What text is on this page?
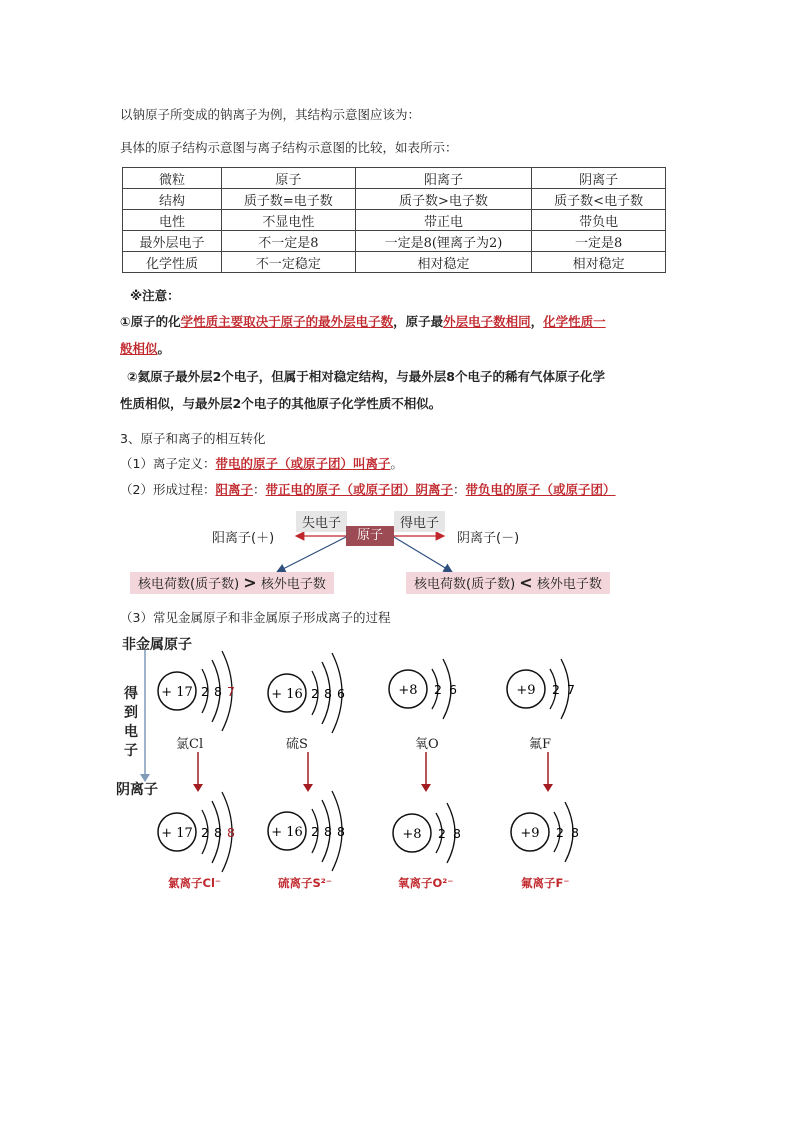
以钠原子所变成的钠离子为例，其结构示意图应该为：
具体的原子结构示意图与离子结构示意图的比较，如表所示：
微粒	原子	阳离子	阴离子
结构	质子数=电子数	质子数>电子数	质子数<电子数
电性	不显电性	带正电	带负电
最外层电子	不一定是8	一定是8(锂离子为2)	一定是8
化学性质	不一定稳定	相对稳定	相对稳定
※注意：
①原子的化学性质主要取决于原子的最外层电子数，原子最外层电子数相同，化学性质一
般相似。
②氦原子最外层2个电子，但属于相对稳定结构，与最外层8个电子的稀有气体原子化学
性质相似，与最外层2个电子的其他原子化学性质不相似。
3、原子和离子的相互转化
（1）离子定义：带电的原子（或原子团）叫离子。
（2）形成过程：阳离子：带正电的原子（或原子团）阴离子：带负电的原子（或原子团）
失电子	得电子
原子
阳离子(＋)	阴离子(－)
核电荷数(质子数) > 核外电子数	核电荷数(质子数) < 核外电子数
（3）常见金属原子和非金属原子形成离子的过程
非金属原子
得
到
电
子
阴离子
+ 17 2 8 7	+ 16 2 8 6	+8 2 6	+9 2 7
+ 17 2 8 8	+ 16 2 8 8	+8 2 8	+9 2 8
氯Cl	硫S	氧O	氟F
氯离子Cl⁻	硫离子S²⁻	氧离子O²⁻	氟离子F⁻
